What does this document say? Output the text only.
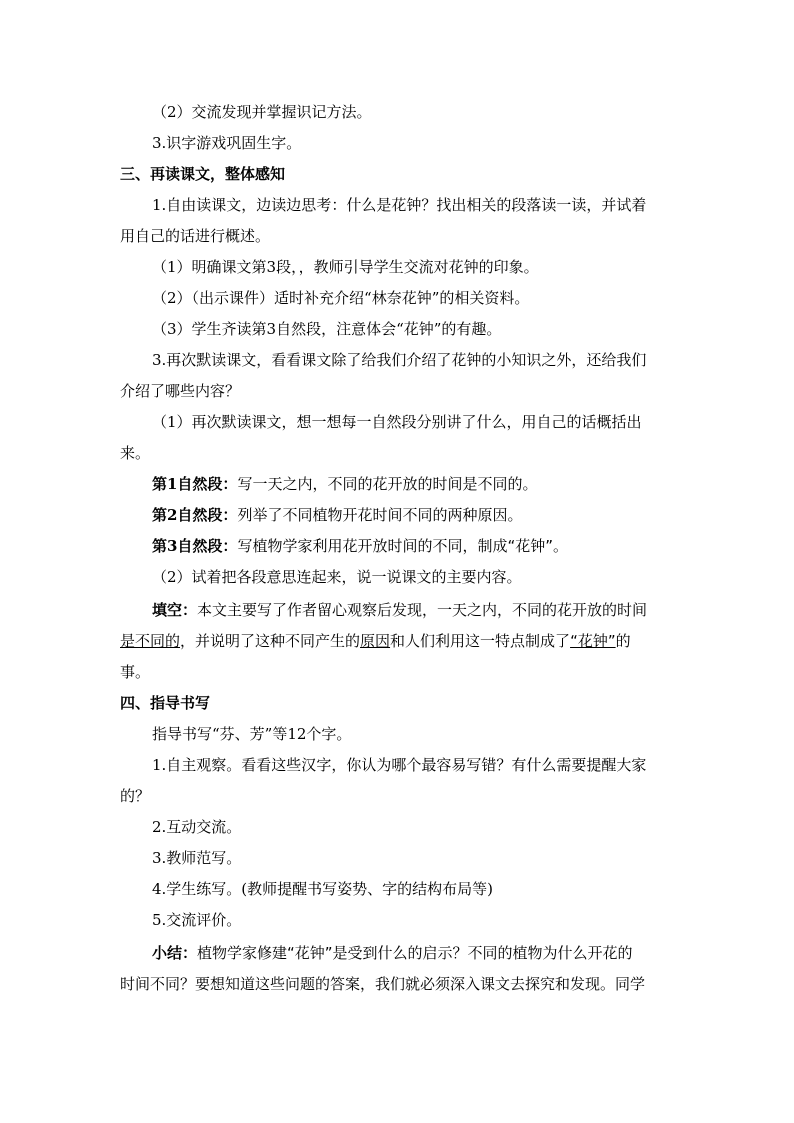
（2）交流发现并掌握识记方法。
3.识字游戏巩固生字。
三、再读课文，整体感知
1.自由读课文，边读边思考：什么是花钟？找出相关的段落读一读，并试着
用自己的话进行概述。
（1）明确课文第3段，，教师引导学生交流对花钟的印象。
（2）（出示课件）适时补充介绍“林奈花钟”的相关资料。
（3）学生齐读第3自然段，注意体会“花钟”的有趣。
3.再次默读课文，看看课文除了给我们介绍了花钟的小知识之外，还给我们
介绍了哪些内容？
（1）再次默读课文，想一想每一自然段分别讲了什么，用自己的话概括出
来。
第1自然段：写一天之内，不同的花开放的时间是不同的。
第2自然段：列举了不同植物开花时间不同的两种原因。
第3自然段：写植物学家利用花开放时间的不同，制成“花钟”。
（2）试着把各段意思连起来，说一说课文的主要内容。
填空：本文主要写了作者留心观察后发现，一天之内，不同的花开放的时间
是不同的，并说明了这种不同产生的原因和人们利用这一特点制成了“花钟”的
事。
四、指导书写
指导书写“芬、芳”等12个字。
1.自主观察。看看这些汉字，你认为哪个最容易写错？有什么需要提醒大家
的？
2.互动交流。
3.教师范写。
4.学生练写。(教师提醒书写姿势、字的结构布局等)
5.交流评价。
小结：植物学家修建“花钟”是受到什么的启示？不同的植物为什么开花的
时间不同？要想知道这些问题的答案，我们就必须深入课文去探究和发现。同学
